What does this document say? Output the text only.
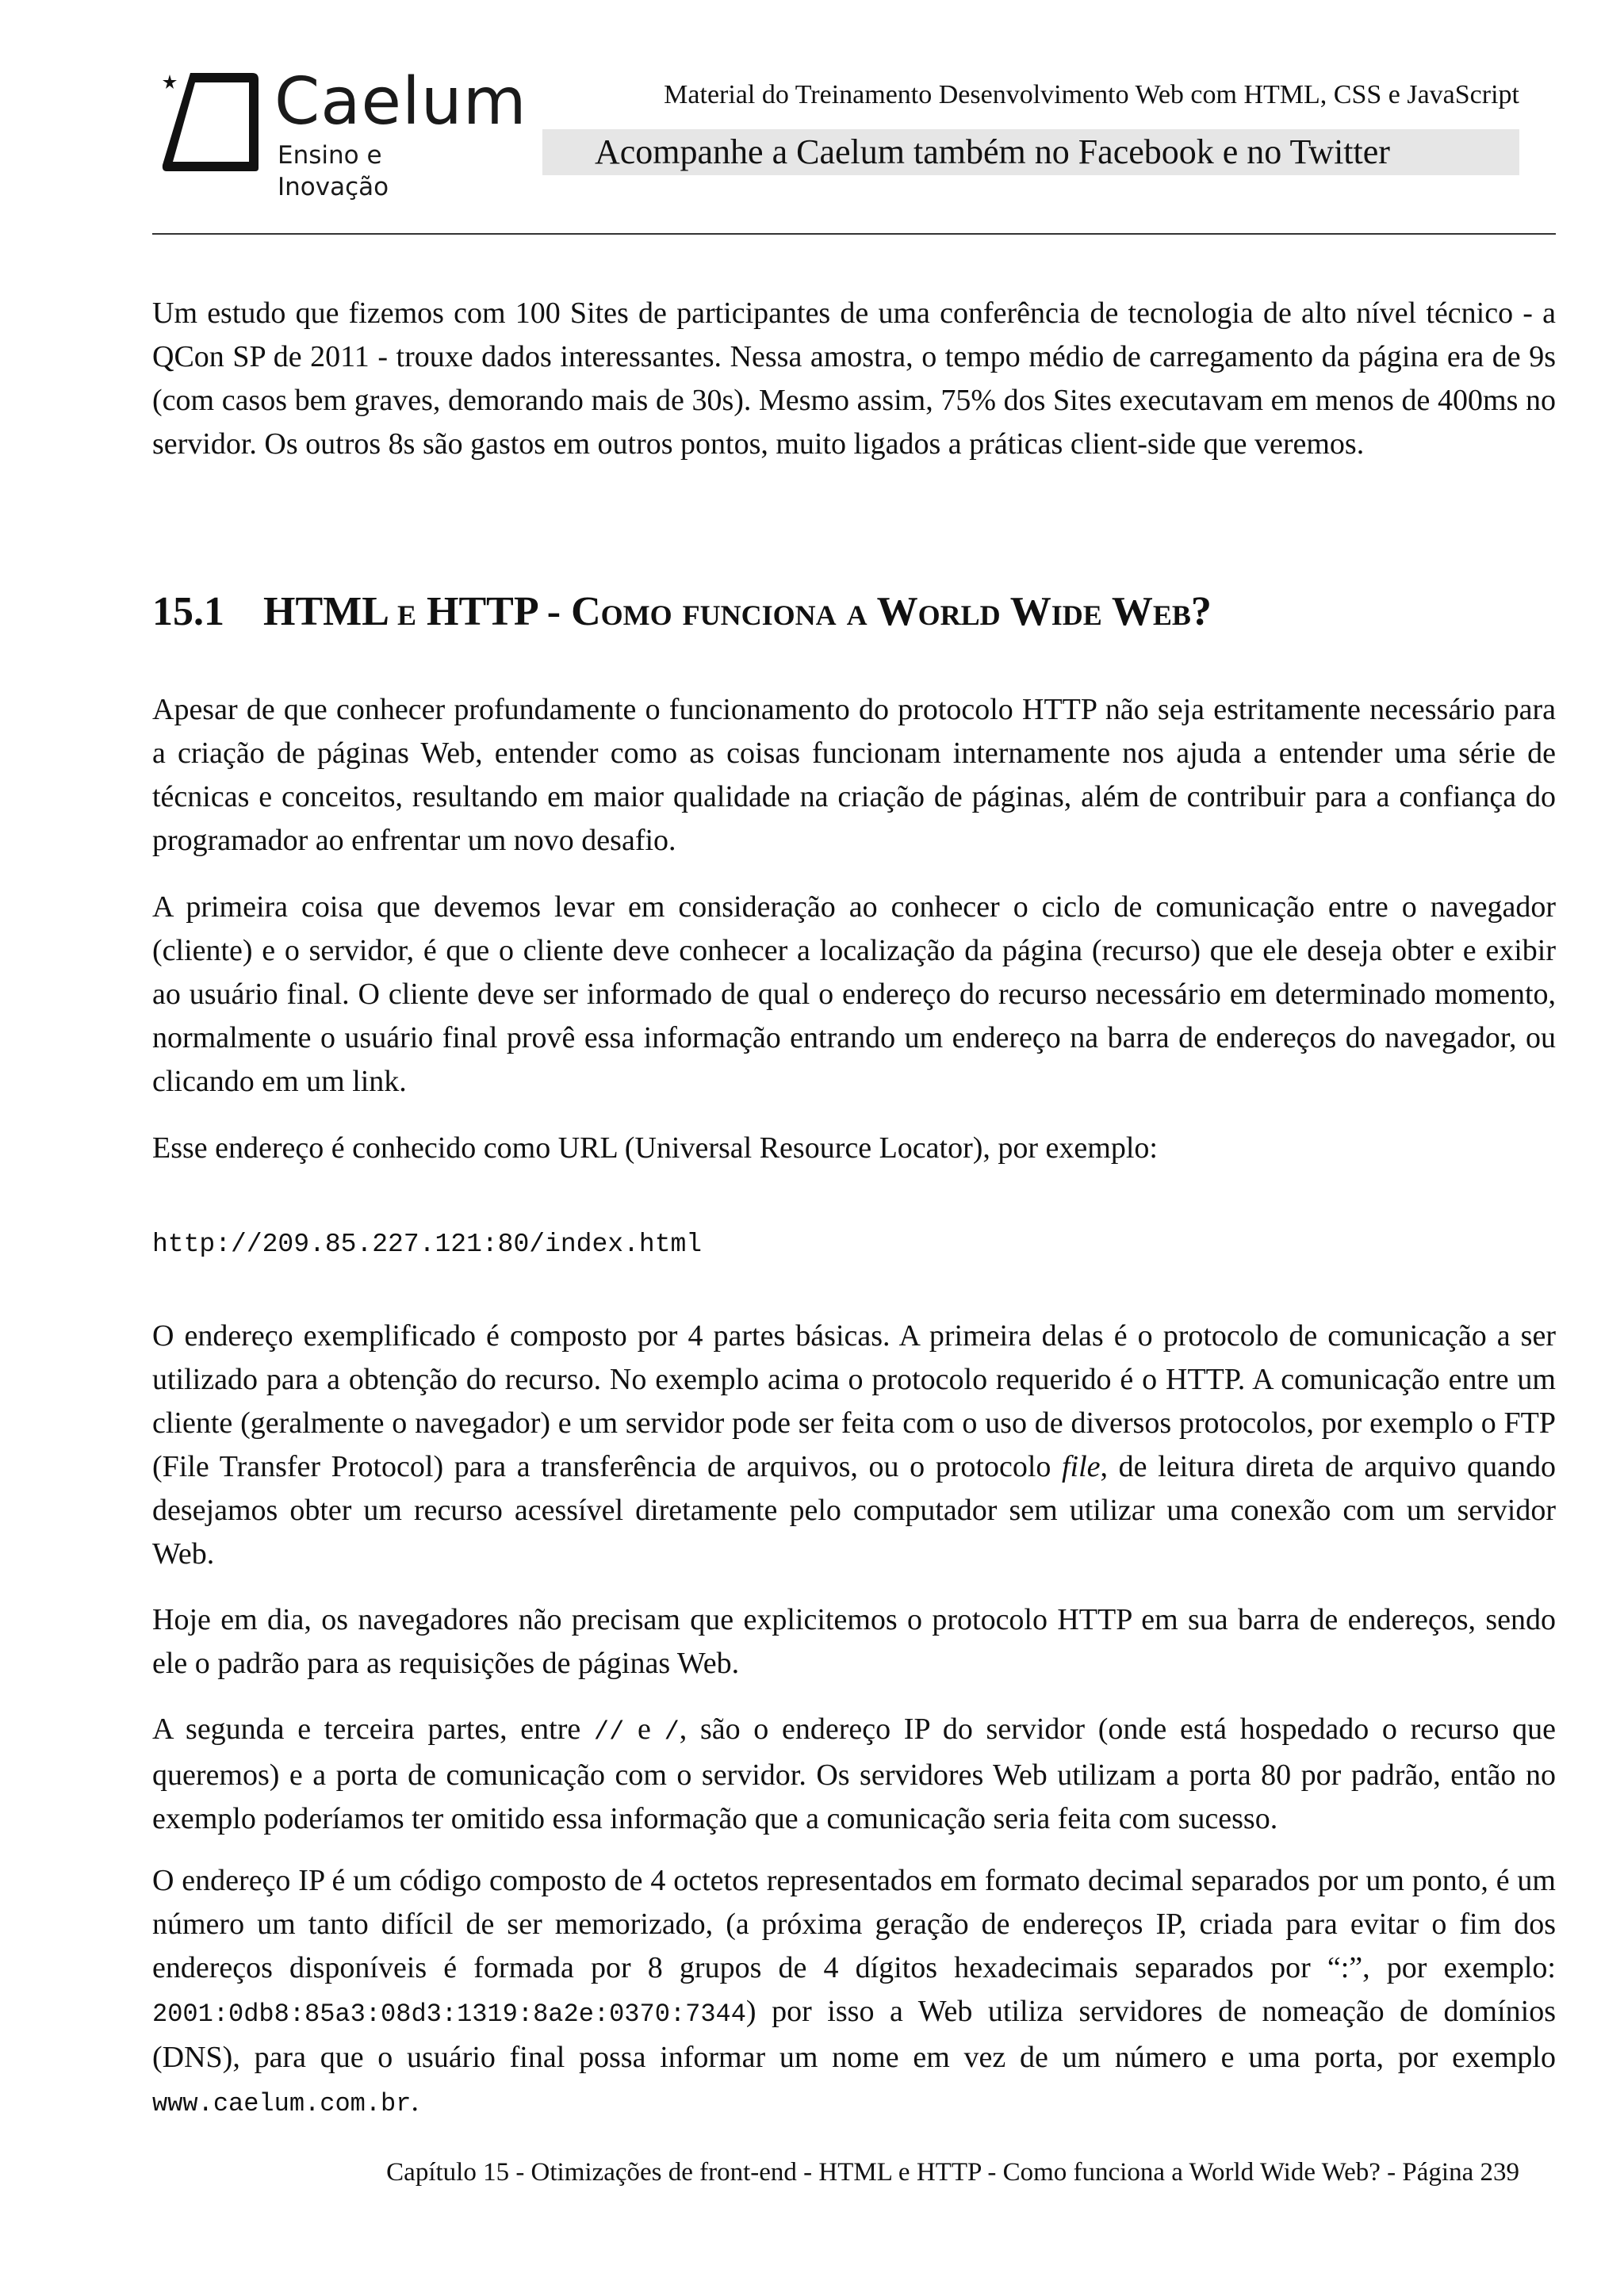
Caelum
Ensino e Inovação
Material do Treinamento Desenvolvimento Web com HTML, CSS e JavaScript
Acompanhe a Caelum também no Facebook e no Twitter

Um estudo que fizemos com 100 Sites de participantes de uma conferência de tecnologia de alto nível técnico - a QCon SP de 2011 - trouxe dados interessantes. Nessa amostra, o tempo médio de carregamento da página era de 9s (com casos bem graves, demorando mais de 30s). Mesmo assim, 75% dos Sites executavam em menos de 400ms no servidor. Os outros 8s são gastos em outros pontos, muito ligados a práticas client-side que veremos.

15.1 HTML e HTTP - Como funciona a World Wide Web?

Apesar de que conhecer profundamente o funcionamento do protocolo HTTP não seja estritamente necessário para a criação de páginas Web, entender como as coisas funcionam internamente nos ajuda a entender uma série de técnicas e conceitos, resultando em maior qualidade na criação de páginas, além de contribuir para a confiança do programador ao enfrentar um novo desafio.

A primeira coisa que devemos levar em consideração ao conhecer o ciclo de comunicação entre o navegador (cliente) e o servidor, é que o cliente deve conhecer a localização da página (recurso) que ele deseja obter e exibir ao usuário final. O cliente deve ser informado de qual o endereço do recurso necessário em determinado momento, normalmente o usuário final provê essa informação entrando um endereço na barra de endereços do navegador, ou clicando em um link.

Esse endereço é conhecido como URL (Universal Resource Locator), por exemplo:

http://209.85.227.121:80/index.html

O endereço exemplificado é composto por 4 partes básicas. A primeira delas é o protocolo de comunicação a ser utilizado para a obtenção do recurso. No exemplo acima o protocolo requerido é o HTTP. A comunicação entre um cliente (geralmente o navegador) e um servidor pode ser feita com o uso de diversos protocolos, por exemplo o FTP (File Transfer Protocol) para a transferência de arquivos, ou o protocolo file, de leitura direta de arquivo quando desejamos obter um recurso acessível diretamente pelo computador sem utilizar uma conexão com um servidor Web.

Hoje em dia, os navegadores não precisam que explicitemos o protocolo HTTP em sua barra de endereços, sendo ele o padrão para as requisições de páginas Web.

A segunda e terceira partes, entre // e /, são o endereço IP do servidor (onde está hospedado o recurso que queremos) e a porta de comunicação com o servidor. Os servidores Web utilizam a porta 80 por padrão, então no exemplo poderíamos ter omitido essa informação que a comunicação seria feita com sucesso.

O endereço IP é um código composto de 4 octetos representados em formato decimal separados por um ponto, é um número um tanto difícil de ser memorizado, (a próxima geração de endereços IP, criada para evitar o fim dos endereços disponíveis é formada por 8 grupos de 4 dígitos hexadecimais separados por “:”, por exemplo: 2001:0db8:85a3:08d3:1319:8a2e:0370:7344) por isso a Web utiliza servidores de nomeação de domínios (DNS), para que o usuário final possa informar um nome em vez de um número e uma porta, por exemplo www.caelum.com.br.

Capítulo 15 - Otimizações de front-end - HTML e HTTP - Como funciona a World Wide Web? - Página 239
